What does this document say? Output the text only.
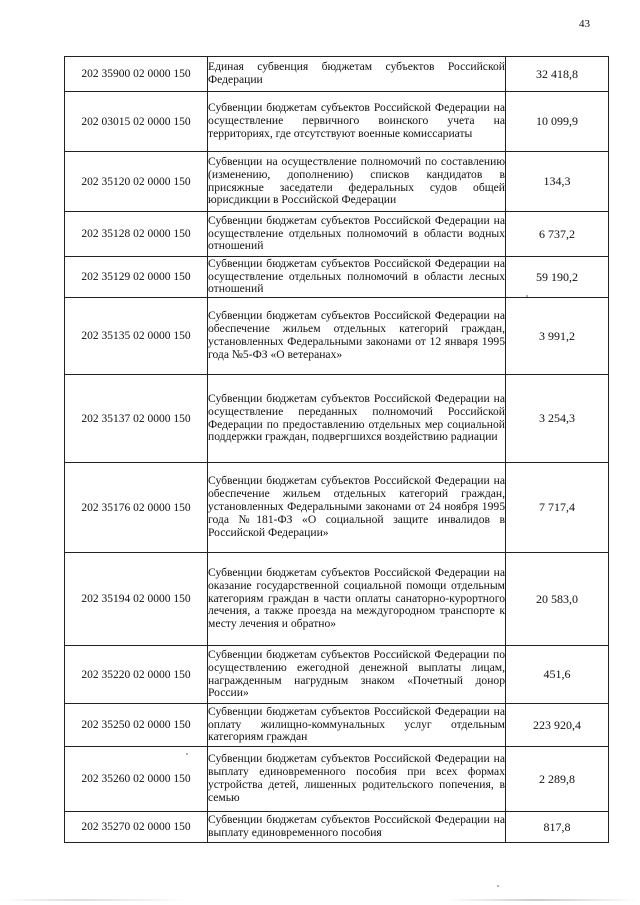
43
202 35900 02 0000 150	Единая субвенция бюджетам субъектов Российской Федерации	32 418,8
202 03015 02 0000 150	Субвенции бюджетам субъектов Российской Федерации на осуществление первичного воинского учета на территориях, где отсутствуют военные комиссариаты	10 099,9
202 35120 02 0000 150	Субвенции на осуществление полномочий по составлению (изменению, дополнению) списков кандидатов в присяжные заседатели федеральных судов общей юрисдикции в Российской Федерации	134,3
202 35128 02 0000 150	Субвенции бюджетам субъектов Российской Федерации на осуществление отдельных полномочий в области водных отношений	6 737,2
202 35129 02 0000 150	Субвенции бюджетам субъектов Российской Федерации на осуществление отдельных полномочий в области лесных отношений	59 190,2
202 35135 02 0000 150	Субвенции бюджетам субъектов Российской Федерации на обеспечение жильем отдельных категорий граждан, установленных Федеральными законами от 12 января 1995 года №5-ФЗ «О ветеранах»	3 991,2
202 35137 02 0000 150	Субвенции бюджетам субъектов Российской Федерации на осуществление переданных полномочий Российской Федерации по предоставлению отдельных мер социальной поддержки граждан, подвергшихся воздействию радиации	3 254,3
202 35176 02 0000 150	Субвенции бюджетам субъектов Российской Федерации на обеспечение жильем отдельных категорий граждан, установленных Федеральными законами от 24 ноября 1995 года №181-ФЗ «О социальной защите инвалидов в Российской Федерации»	7 717,4
202 35194 02 0000 150	Субвенции бюджетам субъектов Российской Федерации на оказание государственной социальной помощи отдельным категориям граждан в части оплаты санаторно-курортного лечения, а также проезда на междугородном транспорте к месту лечения и обратно»	20 583,0
202 35220 02 0000 150	Субвенции бюджетам субъектов Российской Федерации по осуществлению ежегодной денежной выплаты лицам, награжденным нагрудным знаком «Почетный донор России»	451,6
202 35250 02 0000 150	Субвенции бюджетам субъектов Российской Федерации на оплату жилищно-коммунальных услуг отдельным категориям граждан	223 920,4
202 35260 02 0000 150	Субвенции бюджетам субъектов Российской Федерации на выплату единовременного пособия при всех формах устройства детей, лишенных родительского попечения, в семью	2 289,8
202 35270 02 0000 150	Субвенции бюджетам субъектов Российской Федерации на выплату единовременного пособия	817,8
